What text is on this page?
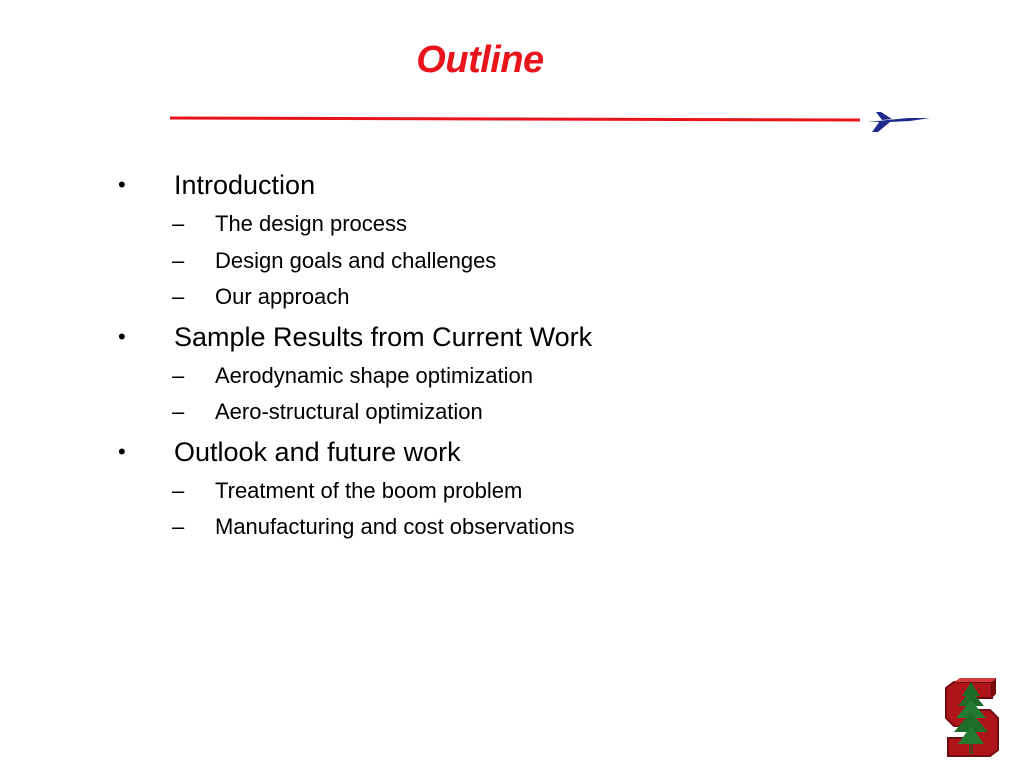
Outline
• Introduction
– The design process
– Design goals and challenges
– Our approach
• Sample Results from Current Work
– Aerodynamic shape optimization
– Aero-structural optimization
• Outlook and future work
– Treatment of the boom problem
– Manufacturing and cost observations
